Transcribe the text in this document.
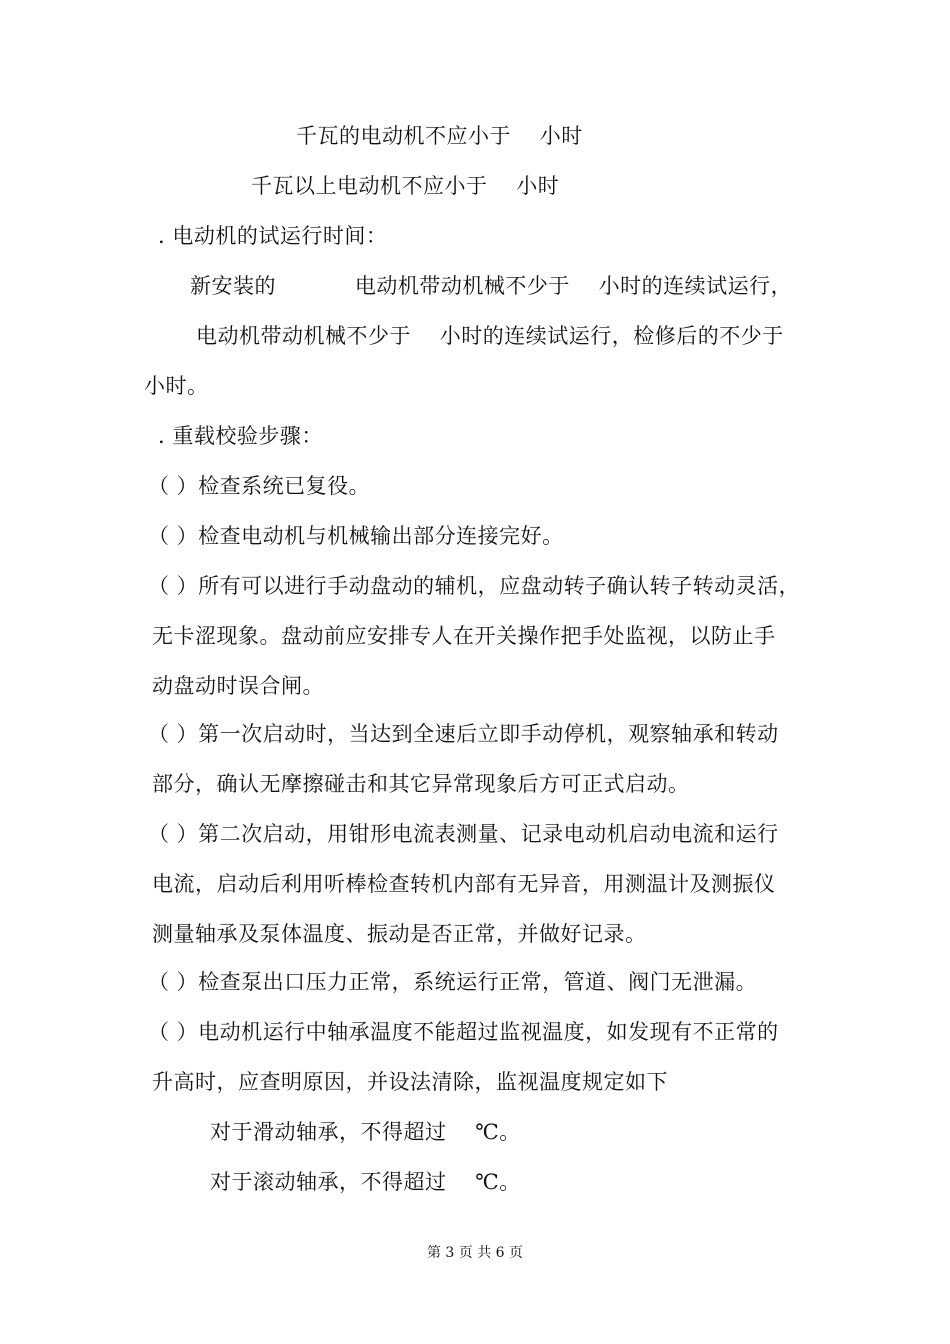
千瓦的电动机不应小于    小时
千瓦以上电动机不应小于    小时
. 电动机的试运行时间：
新安装的           电动机带动机械不少于    小时的连续试运行，
电动机带动机械不少于    小时的连续试运行，检修后的不少于
小时。
. 重载校验步骤：
（ ）检查系统已复役。
（ ）检查电动机与机械输出部分连接完好。
（ ）所有可以进行手动盘动的辅机，应盘动转子确认转子转动灵活，
无卡涩现象。盘动前应安排专人在开关操作把手处监视，以防止手
动盘动时误合闸。
（ ）第一次启动时，当达到全速后立即手动停机，观察轴承和转动
部分，确认无摩擦碰击和其它异常现象后方可正式启动。
（ ）第二次启动，用钳形电流表测量、记录电动机启动电流和运行
电流，启动后利用听棒检查转机内部有无异音，用测温计及测振仪
测量轴承及泵体温度、振动是否正常，并做好记录。
（ ）检查泵出口压力正常，系统运行正常，管道、阀门无泄漏。
（ ）电动机运行中轴承温度不能超过监视温度，如发现有不正常的
升高时，应查明原因，并设法清除，监视温度规定如下
对于滑动轴承，不得超过    ℃。
对于滚动轴承，不得超过    ℃。
第 3 页 共 6 页
